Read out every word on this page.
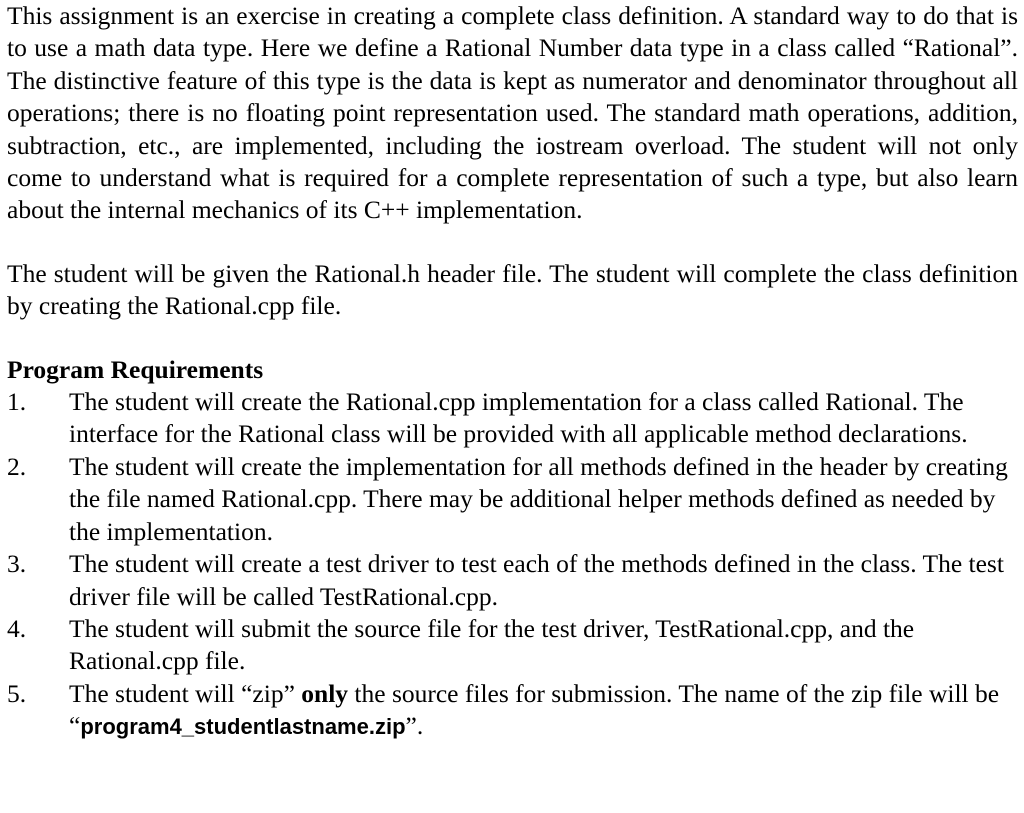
This assignment is an exercise in creating a complete class definition. A standard way to do that is to use a math data type. Here we define a Rational Number data type in a class called “Rational”. The distinctive feature of this type is the data is kept as numerator and denominator throughout all operations; there is no floating point representation used. The standard math operations, addition, subtraction, etc., are implemented, including the iostream overload. The student will not only come to understand what is required for a complete representation of such a type, but also learn about the internal mechanics of its C++ implementation.

The student will be given the Rational.h header file. The student will complete the class definition by creating the Rational.cpp file.

Program Requirements
1. The student will create the Rational.cpp implementation for a class called Rational. The interface for the Rational class will be provided with all applicable method declarations.
2. The student will create the implementation for all methods defined in the header by creating the file named Rational.cpp. There may be additional helper methods defined as needed by the implementation.
3. The student will create a test driver to test each of the methods defined in the class. The test driver file will be called TestRational.cpp.
4. The student will submit the source file for the test driver, TestRational.cpp, and the Rational.cpp file.
5. The student will “zip” only the source files for submission. The name of the zip file will be “program4_studentlastname.zip”.
